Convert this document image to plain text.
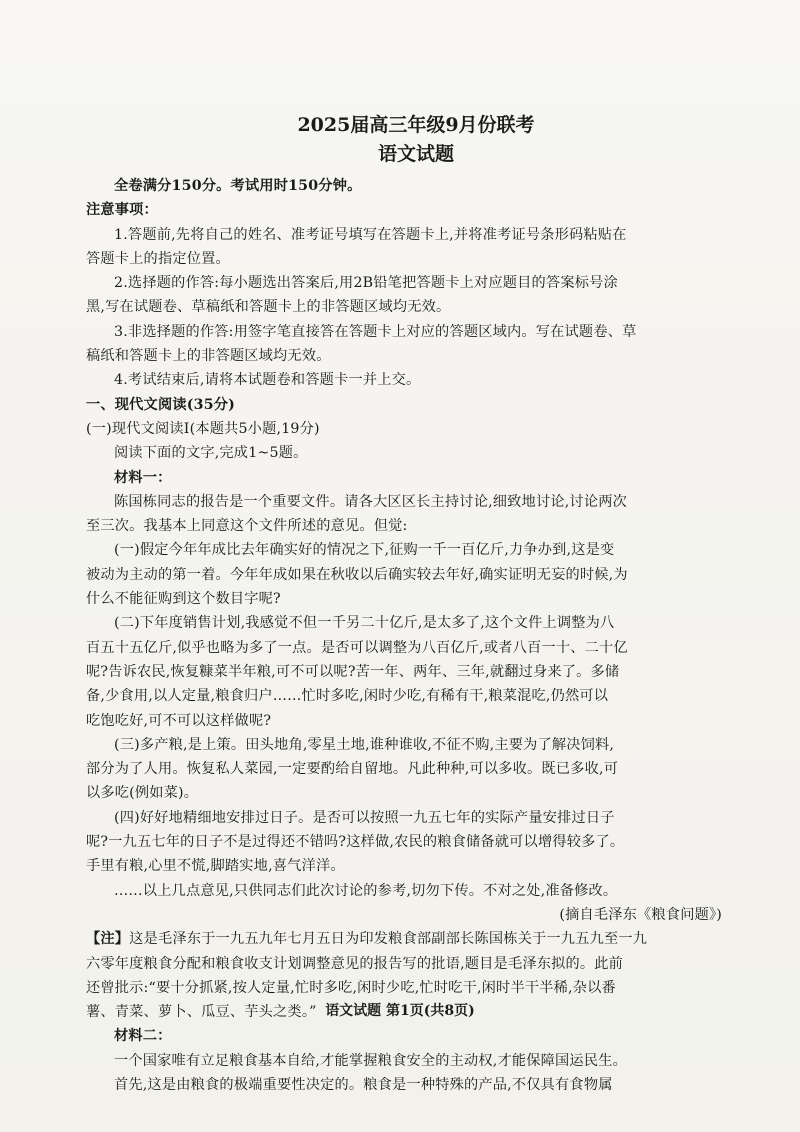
2025届高三年级9月份联考
语文试题

全卷满分150分。考试用时150分钟。

注意事项：

1.答题前,先将自己的姓名、准考证号填写在答题卡上,并将准考证号条形码粘贴在

答题卡上的指定位置。

2.选择题的作答:每小题选出答案后,用2B铅笔把答题卡上对应题目的答案标号涂

黑,写在试题卷、草稿纸和答题卡上的非答题区域均无效。

3.非选择题的作答:用签字笔直接答在答题卡上对应的答题区域内。写在试题卷、草

稿纸和答题卡上的非答题区域均无效。

4.考试结束后,请将本试题卷和答题卡一并上交。

一、现代文阅读(35分)

(一)现代文阅读Ⅰ(本题共5小题,19分)

阅读下面的文字,完成1~5题。

材料一：

陈国栋同志的报告是一个重要文件。请各大区区长主持讨论,细致地讨论,讨论两次

至三次。我基本上同意这个文件所述的意见。但觉:

(一)假定今年年成比去年确实好的情况之下,征购一千一百亿斤,力争办到,这是变

被动为主动的第一着。今年年成如果在秋收以后确实较去年好,确实证明无妄的时候,为

什么不能征购到这个数目字呢?

(二)下年度销售计划,我感觉不但一千另二十亿斤,是太多了,这个文件上调整为八

百五十五亿斤,似乎也略为多了一点。是否可以调整为八百亿斤,或者八百一十、二十亿

呢?告诉农民,恢复糠菜半年粮,可不可以呢?苦一年、两年、三年,就翻过身来了。多储

备,少食用,以人定量,粮食归户……忙时多吃,闲时少吃,有稀有干,粮菜混吃,仍然可以

吃饱吃好,可不可以这样做呢?

(三)多产粮,是上策。田头地角,零星土地,谁种谁收,不征不购,主要为了解决饲料,

部分为了人用。恢复私人菜园,一定要酌给自留地。凡此种种,可以多收。既已多收,可

以多吃(例如菜)。

(四)好好地精细地安排过日子。是否可以按照一九五七年的实际产量安排过日子

呢?一九五七年的日子不是过得还不错吗?这样做,农民的粮食储备就可以增得较多了。

手里有粮,心里不慌,脚踏实地,喜气洋洋。

……以上几点意见,只供同志们此次讨论的参考,切勿下传。不对之处,准备修改。

(摘自毛泽东《粮食问题》)

【注】这是毛泽东于一九五九年七月五日为印发粮食部副部长陈国栋关于一九五九至一九

六零年度粮食分配和粮食收支计划调整意见的报告写的批语,题目是毛泽东拟的。此前

还曾批示:“要十分抓紧,按人定量,忙时多吃,闲时少吃,忙时吃干,闲时半干半稀,杂以番

薯、青菜、萝卜、瓜豆、芋头之类。”

材料二：

一个国家唯有立足粮食基本自给,才能掌握粮食安全的主动权,才能保障国运民生。

首先,这是由粮食的极端重要性决定的。粮食是一种特殊的产品,不仅具有食物属

语文试题 第1页(共8页)
